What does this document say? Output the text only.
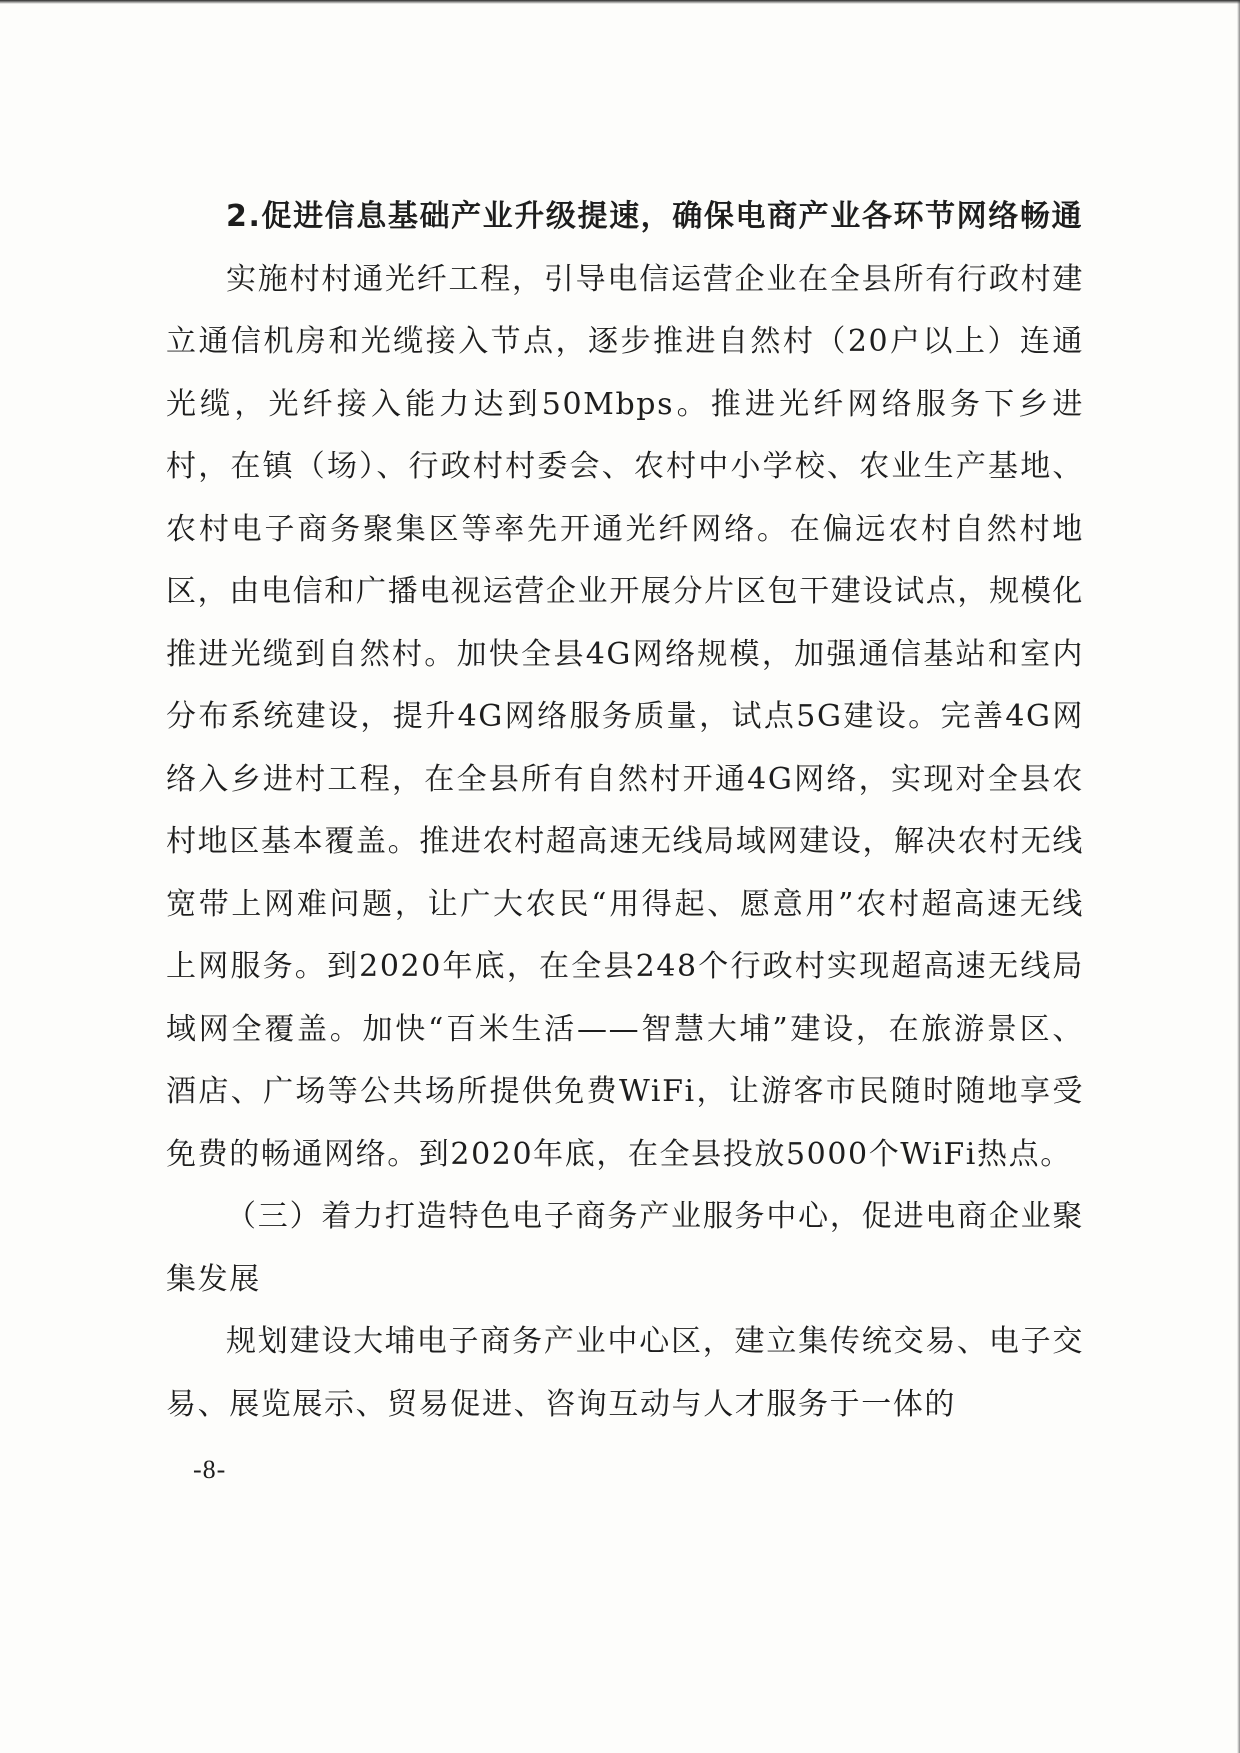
2.促进信息基础产业升级提速，确保电商产业各环节网络畅通

实施村村通光纤工程，引导电信运营企业在全县所有行政村建立通信机房和光缆接入节点，逐步推进自然村（20户以上）连通光缆，光纤接入能力达到50Mbps。推进光纤网络服务下乡进村，在镇（场）、行政村村委会、农村中小学校、农业生产基地、农村电子商务聚集区等率先开通光纤网络。在偏远农村自然村地区，由电信和广播电视运营企业开展分片区包干建设试点，规模化推进光缆到自然村。加快全县4G网络规模，加强通信基站和室内分布系统建设，提升4G网络服务质量，试点5G建设。完善4G网络入乡进村工程，在全县所有自然村开通4G网络，实现对全县农村地区基本覆盖。推进农村超高速无线局域网建设，解决农村无线宽带上网难问题，让广大农民“用得起、愿意用”农村超高速无线上网服务。到2020年底，在全县248个行政村实现超高速无线局域网全覆盖。加快“百米生活——智慧大埔”建设，在旅游景区、酒店、广场等公共场所提供免费WiFi，让游客市民随时随地享受免费的畅通网络。到2020年底，在全县投放5000个WiFi热点。

（三）着力打造特色电子商务产业服务中心，促进电商企业聚集发展

规划建设大埔电子商务产业中心区，建立集传统交易、电子交易、展览展示、贸易促进、咨询互动与人才服务于一体的

-8-
